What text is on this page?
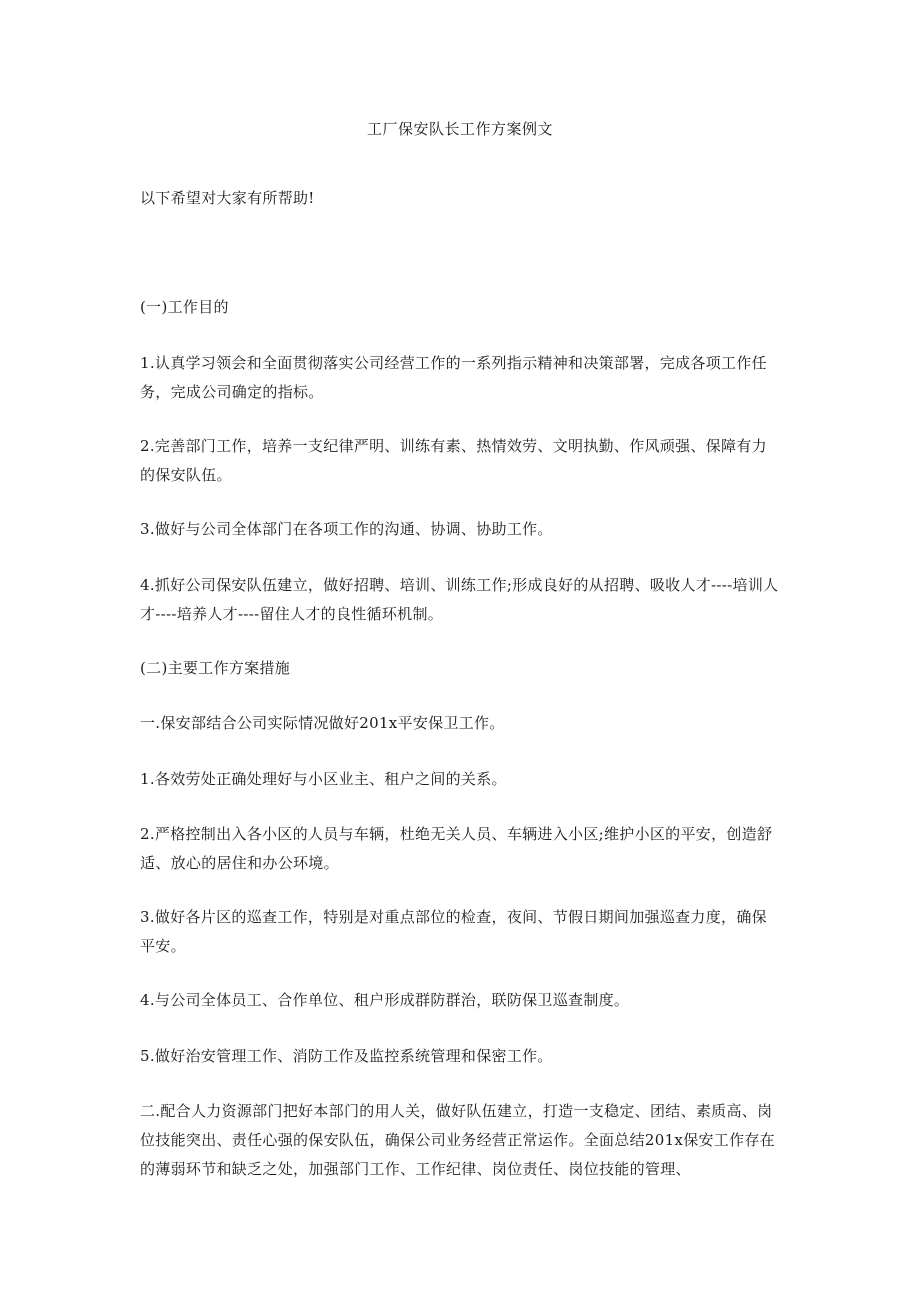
工厂保安队长工作方案例文
以下希望对大家有所帮助!
(一)工作目的
1.认真学习领会和全面贯彻落实公司经营工作的一系列指示精神和决策部署，完成各项工作任务，完成公司确定的指标。
2.完善部门工作，培养一支纪律严明、训练有素、热情效劳、文明执勤、作风顽强、保障有力的保安队伍。
3.做好与公司全体部门在各项工作的沟通、协调、协助工作。
4.抓好公司保安队伍建立，做好招聘、培训、训练工作;形成良好的从招聘、吸收人才----培训人才----培养人才----留住人才的良性循环机制。
(二)主要工作方案措施
一.保安部结合公司实际情况做好201x平安保卫工作。
1.各效劳处正确处理好与小区业主、租户之间的关系。
2.严格控制出入各小区的人员与车辆，杜绝无关人员、车辆进入小区;维护小区的平安，创造舒适、放心的居住和办公环境。
3.做好各片区的巡查工作，特别是对重点部位的检查，夜间、节假日期间加强巡查力度，确保平安。
4.与公司全体员工、合作单位、租户形成群防群治，联防保卫巡查制度。
5.做好治安管理工作、消防工作及监控系统管理和保密工作。
二.配合人力资源部门把好本部门的用人关，做好队伍建立，打造一支稳定、团结、素质高、岗位技能突出、责任心强的保安队伍，确保公司业务经营正常运作。全面总结201x保安工作存在的薄弱环节和缺乏之处，加强部门工作、工作纪律、岗位责任、岗位技能的管理、
